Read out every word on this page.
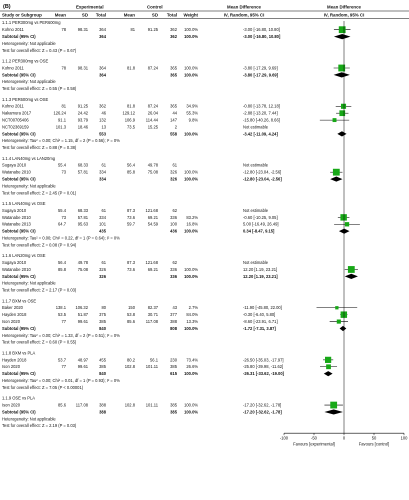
(B)	Experimental	Control	Mean Difference	Mean Difference
Study or Subgroup	Mean	SD Total	Mean	SD Total Weight	IV, Random, 95% CI	IV, Random, 95% CI
1.1.1 PER300mg vs PER600mg
Kohno 2011	78	98.31	364	81	91.25	362 100.0%	-3.00 [-16.80, 10.80]
Subtotal (95% CI)	364	362 100.0%	-3.00 [-16.80, 10.80]
Heterogeneity: Not applicable
Test for overall effect: Z = 0.43 (P = 0.67)
1.1.2 PER300mg vs OSE
Kohno 2011	78	98.31	364	81.8	87.24	365 100.0%	-3.80 [-17.29, 9.69]
Subtotal (95% CI)	364	365 100.0%	-3.80 [-17.29, 9.69]
Heterogeneity: Not applicable
Test for overall effect: Z = 0.55 (P = 0.58)
1.1.3 PER600mg vs OSE
Kohno 2011	81	91.25	362	81.8	87.24	365 34.9%	-0.80 [-13.78, 12.18]
Nakamura 2017	126.24	24.42	46	129.12	26.04	44 55.3%	-2.88 [-13.20, 7.44]
NCT00705406	91.1	93.79	132	106.9	114.44	147	9.8%	-15.80 [-40.26, 8.66]
NCT02369159	101.3	18.46	13	73.5	15.25	2	Not estimable
Subtotal (95% CI)	553	558 100.0%	-3.42 [-11.09, 4.24]
Heterogeneity: Tau² = 0.00; Chi² = 1.15, df = 2 (P = 0.56); I² = 0%
Test for overall effect: Z = 0.88 (P = 0.38)
1.1.4 LAN40mg vs LAN20mg
Sugaya 2010	55.4	68.33	61	56.4	49.78	61	Not estimable
Watanabe 2010	73	57.81	334	85.8	75.08	326 100.0%	-12.80 [-23.04, -2.56]
Subtotal (95% CI)	334	326 100.0%	-12.80 [-23.04, -2.56]
Heterogeneity: Not applicable
Test for overall effect: Z = 2.45 (P = 0.01)
1.1.5 LAN40mg vs OSE
Sugaya 2010	55.4	68.33	61	87.3	121.68	62	Not estimable
Watanabe 2010	73	57.81	334	73.6	69.21	336 83.2%	-0.60 [-10.25, 9.05]
Watanabe 2013	64.7	95.63	101	59.7	54.59	100 16.8%	5.00 [-16.49, 26.49]
Subtotal (95% CI)	435	436 100.0%	0.34 [-8.47, 9.15]
Heterogeneity: Tau² = 0.00; Chi² = 0.22, df = 1 (P = 0.64); I² = 0%
Test for overall effect: Z = 0.08 (P = 0.94)
1.1.6 LAN20mg vs OSE
Sugaya 2010	56.4	49.78	61	87.3	121.68	62	Not estimable
Watanabe 2010	85.8	75.08	326	73.6	69.21	336 100.0%	12.20 [1.19, 23.21]
Subtotal (95% CI)	326	336 100.0%	12.20 [1.19, 23.21]
Heterogeneity: Not applicable
Test for overall effect: Z = 2.17 (P = 0.03)
1.1.7 BXM vs OSE
Baker 2020	138.1 106.32	80	150	82.37	43	2.7%	-11.90 [-45.80, 22.00]
Hayden 2018	53.5	51.87	375	53.8	30.71	377 84.0%	-0.30 [-6.40, 5.80]
Ison 2020	77	99.61	385	85.6	117.08	388 13.3%	-8.60 [-23.91, 6.71]
Subtotal (95% CI)	840	808 100.0%	-1.72 [-7.31, 3.87]
Heterogeneity: Tau² = 0.00; Chi² = 1.33, df = 2 (P = 0.51); I² = 0%
Test for overall effect: Z = 0.60 (P = 0.55)
1.1.8 BXM vs PLA
Hayden 2018	53.7	48.97	455	80.2	56.1	230 73.4%	-26.50 [-35.03, -17.97]
Ison 2020	77	99.61	385	102.8	101.11	385 26.6%	-25.80 [-39.98, -11.62]
Subtotal (95% CI)	840	615 100.0%	-26.31 [-33.62, -19.00]
Heterogeneity: Tau² = 0.00; Chi² = 0.01, df = 1 (P = 0.93); I² = 0%
Test for overall effect: Z = 7.05 (P < 0.00001)
1.1.9 OSE vs PLA
Ison 2020	85.6 117.08	388	102.8	101.11	385 100.0%	-17.20 [-32.62, -1.78]
Subtotal (95% CI)	388	385 100.0%	-17.20 [-32.62, -1.78]
Heterogeneity: Not applicable
Test for overall effect: Z = 2.19 (P = 0.03)
-100	-50	0	50	100
Favours [experimental]	Favours [control]
